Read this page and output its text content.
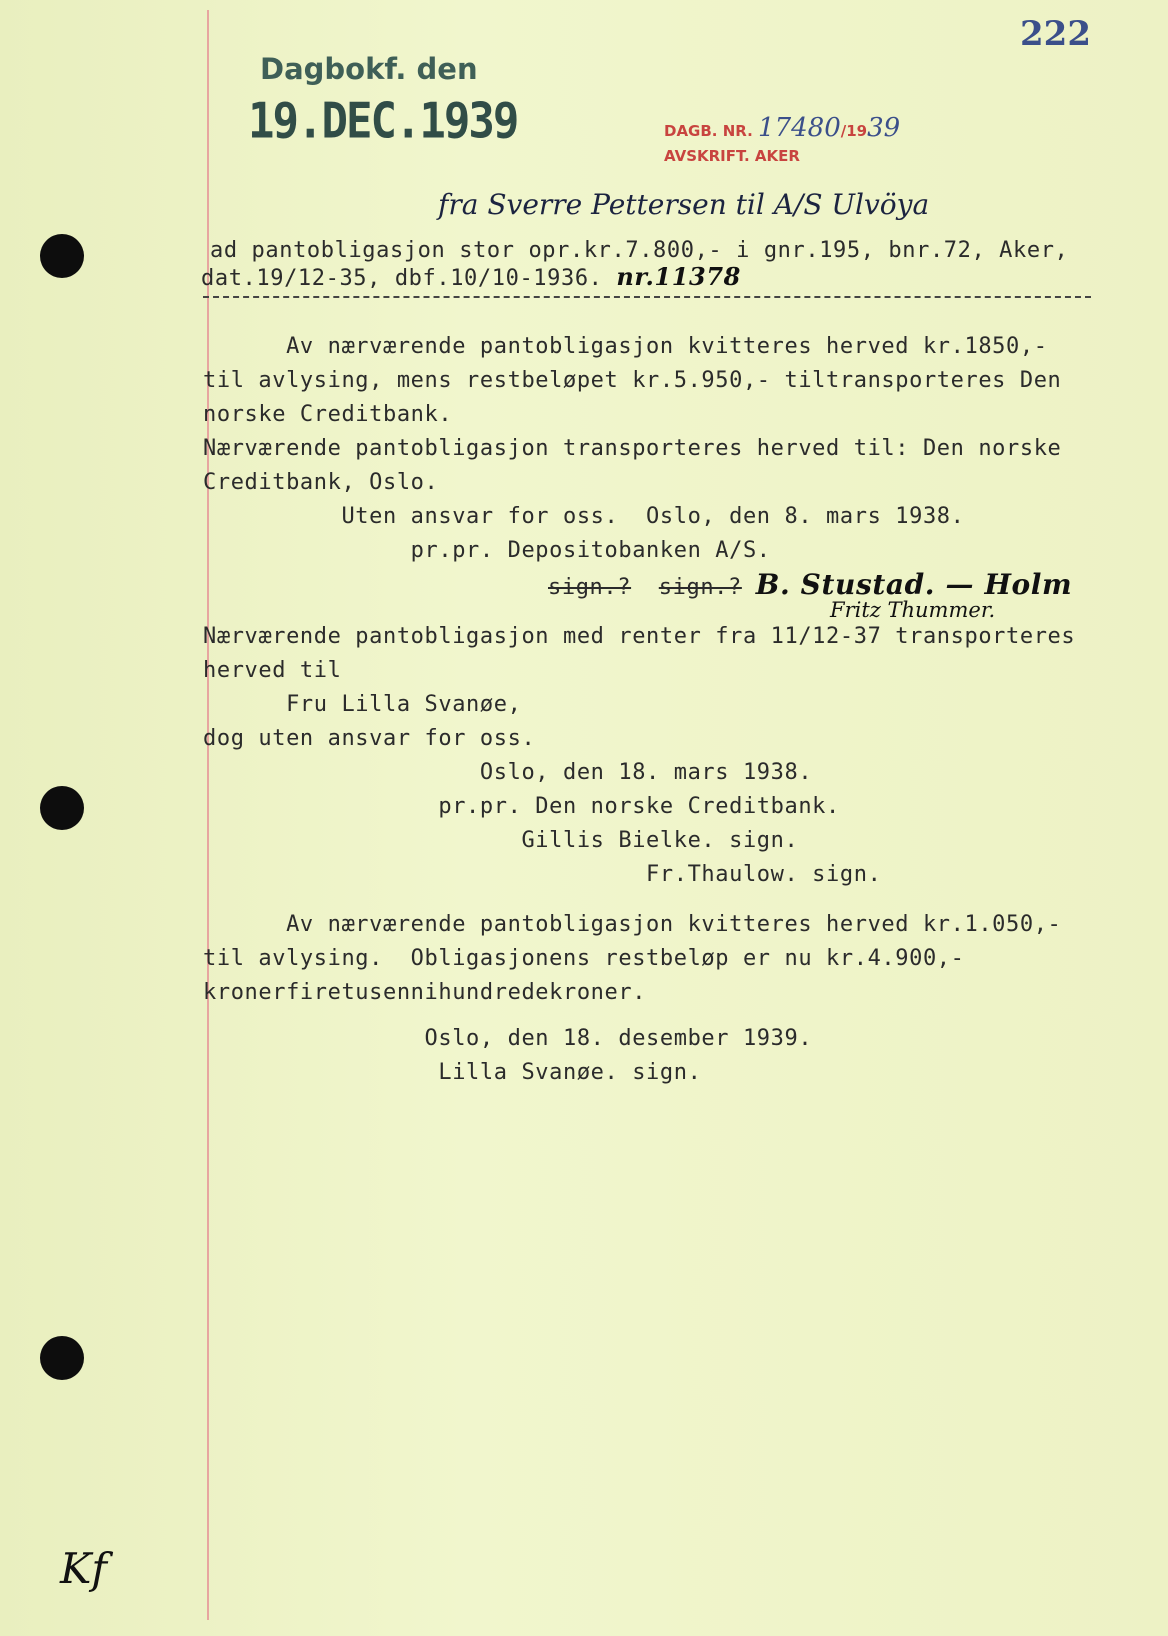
Dagbokf. den
19.DEC.1939
222
DAGB. NR. 17480/1939
AVSKRIFT. AKER
fra Sverre Pettersen til A/S Ulvöya
ad pantobligasjon stor opr.kr.7.800,- i gnr.195, bnr.72, Aker,
dat.19/12-35, dbf.10/10-1936. nr.11378
Av nærværende pantobligasjon kvitteres herved kr.1850,-
til avlysing, mens restbeløpet kr.5.950,- tiltransporteres Den
norske Creditbank.
Nærværende pantobligasjon transporteres herved til: Den norske
Creditbank, Oslo.
Uten ansvar for oss.  Oslo, den 8. mars 1938.
pr.pr. Depositobanken A/S.
sign.? sign.? B. Stustad. — Holm
Fritz Thummer.
Nærværende pantobligasjon med renter fra 11/12-37 transporteres
herved til
Fru Lilla Svanøe,
dog uten ansvar for oss.
Oslo, den 18. mars 1938.
pr.pr. Den norske Creditbank.
Gillis Bielke. sign.
Fr.Thaulow. sign.
Av nærværende pantobligasjon kvitteres herved kr.1.050,-
til avlysing.  Obligasjonens restbeløp er nu kr.4.900,-
kronerfiretusennihundredekroner.
Oslo, den 18. desember 1939.
Lilla Svanøe. sign.
Kf
